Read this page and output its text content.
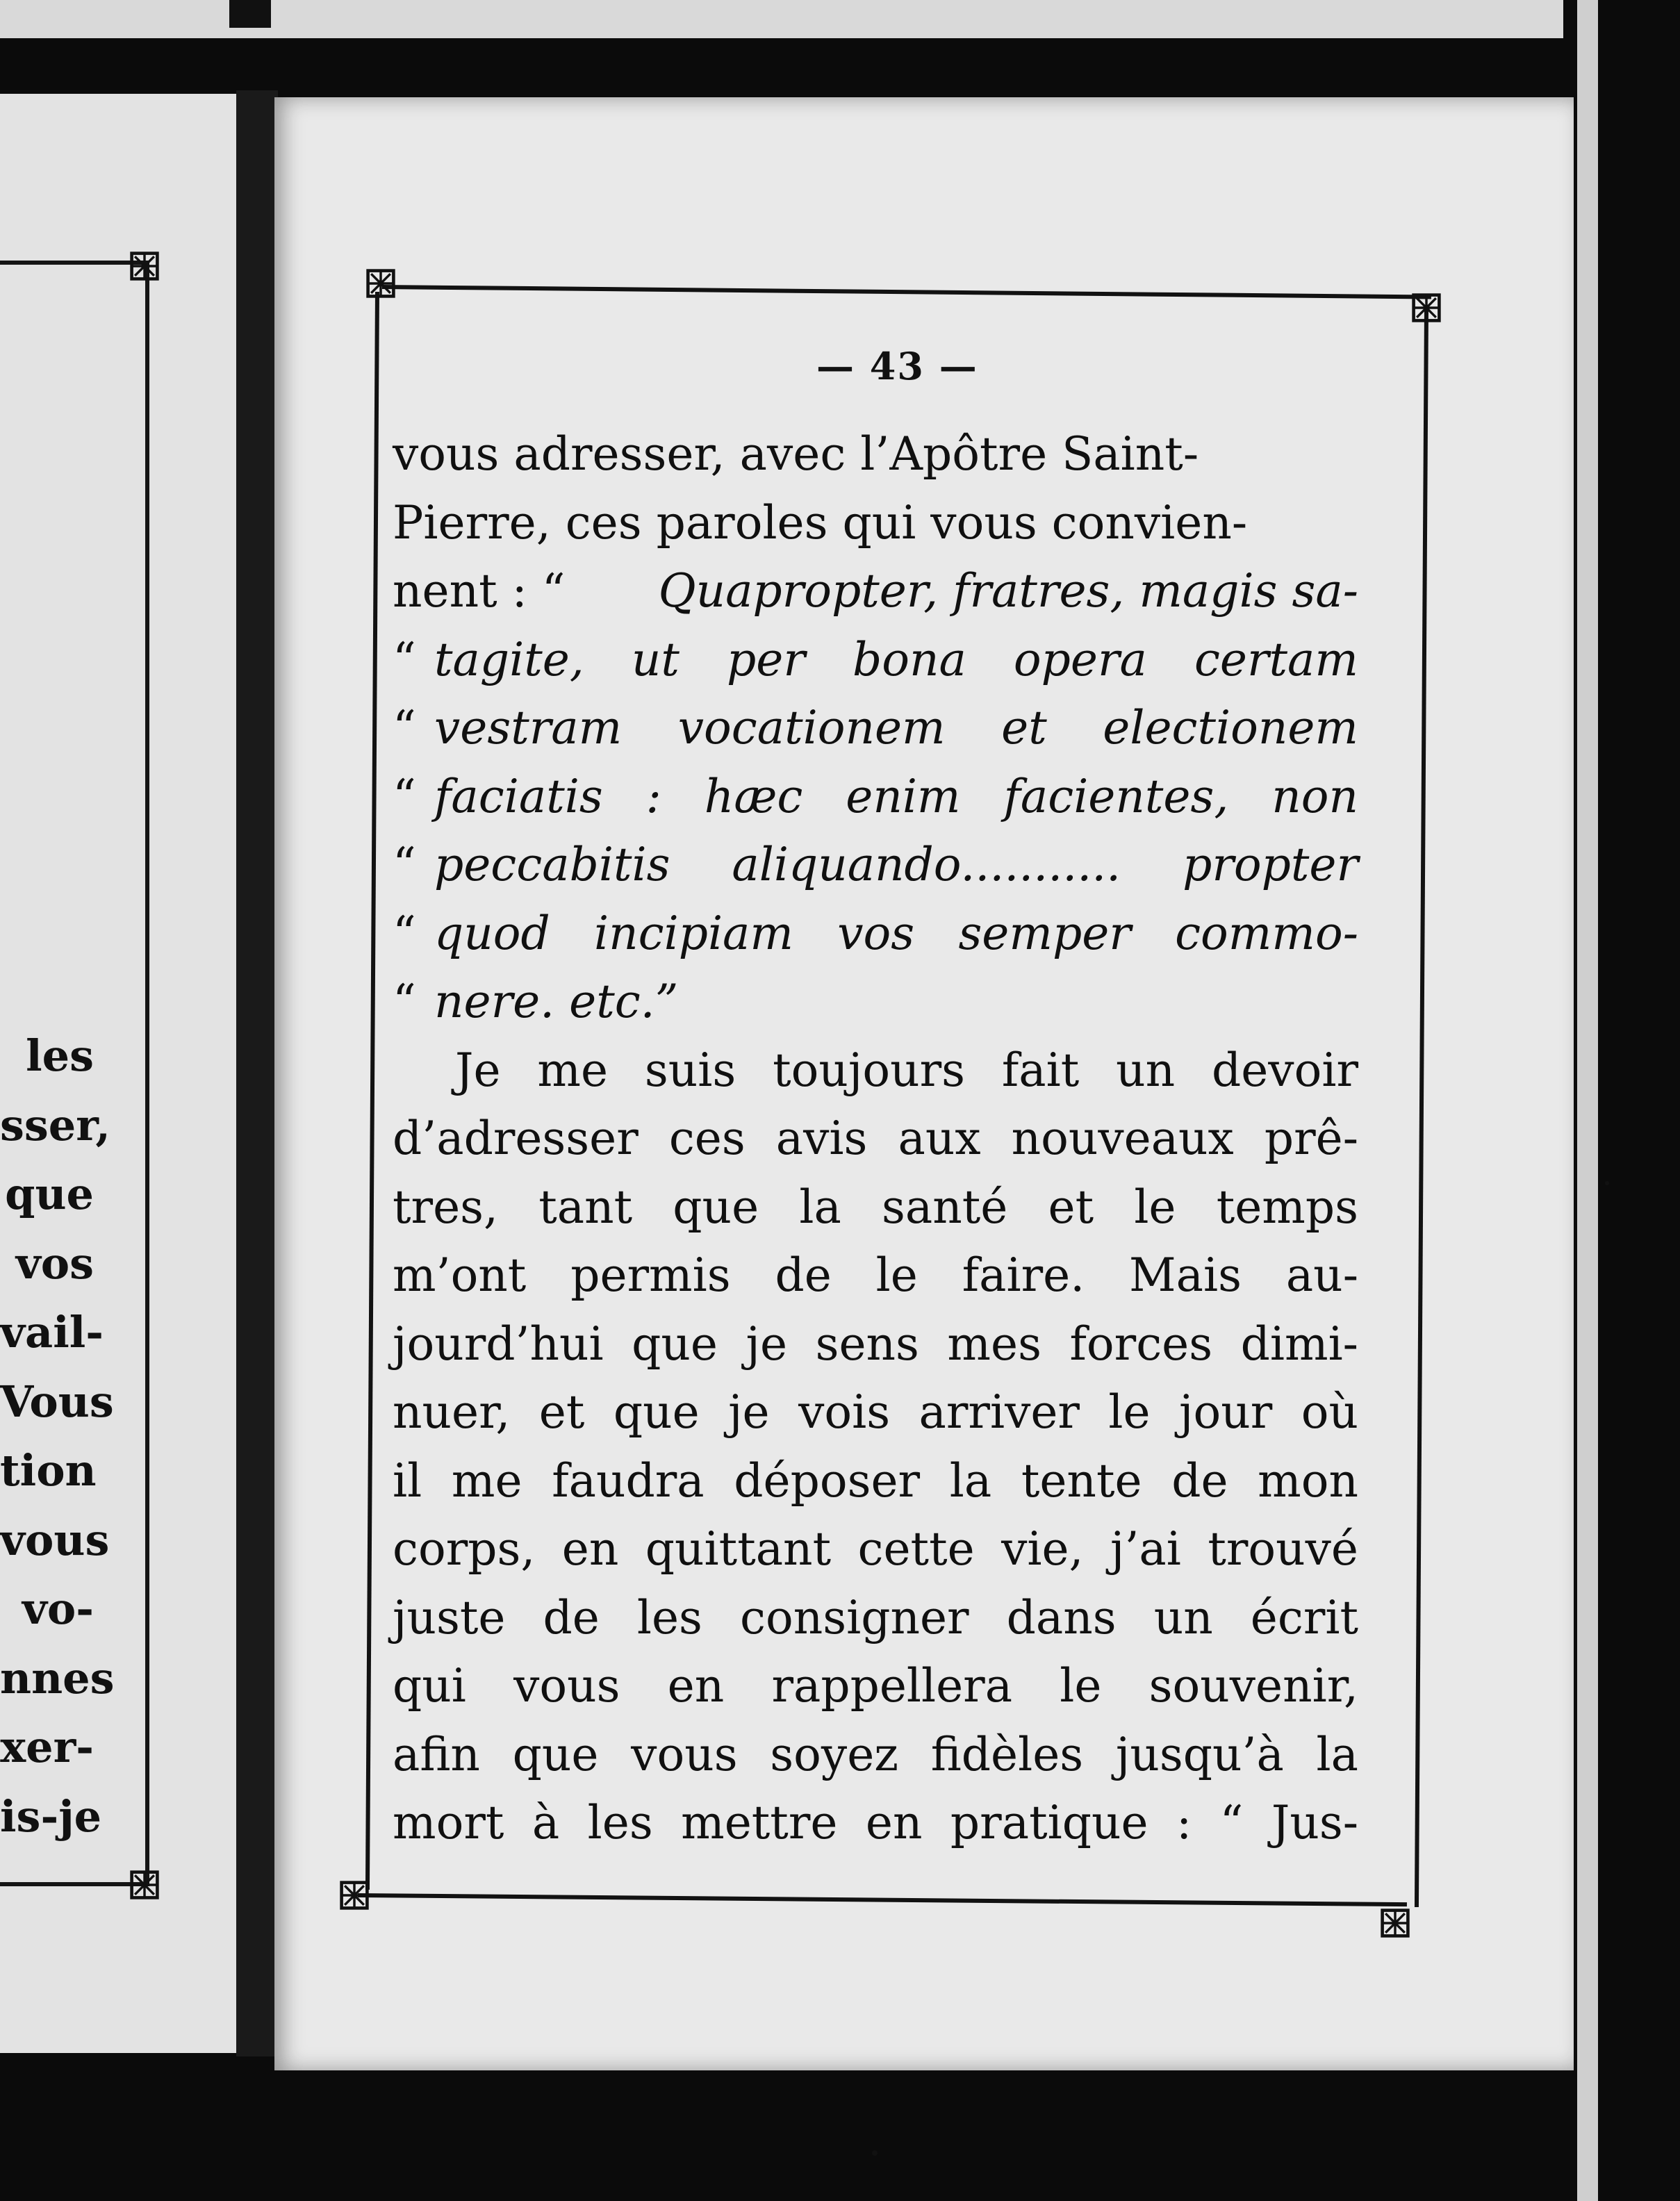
les
sser,
que
vos
vail-
Vous
tion
vous
vo-
nnes
xer-
is-je
— 43 —
vous adresser, avec l’Apôtre Saint-
Pierre, ces paroles qui vous convien-
nent : “ Quapropter, fratres, magis sa-
“ tagite, ut per bona opera certam
“ vestram vocationem et electionem
“ faciatis : hæc enim facientes, non
“ peccabitis aliquando........... propter
“ quod incipiam vos semper commo-
“ nere. etc.”
Je me suis toujours fait un devoir
d’adresser ces avis aux nouveaux prê-
tres, tant que la santé et le temps
m’ont permis de le faire. Mais au-
jourd’hui que je sens mes forces dimi-
nuer, et que je vois arriver le jour où
il me faudra déposer la tente de mon
corps, en quittant cette vie, j’ai trouvé
juste de les consigner dans un écrit
qui vous en rappellera le souvenir,
afin que vous soyez fidèles jusqu’à la
mort à les mettre en pratique : “ Jus-
